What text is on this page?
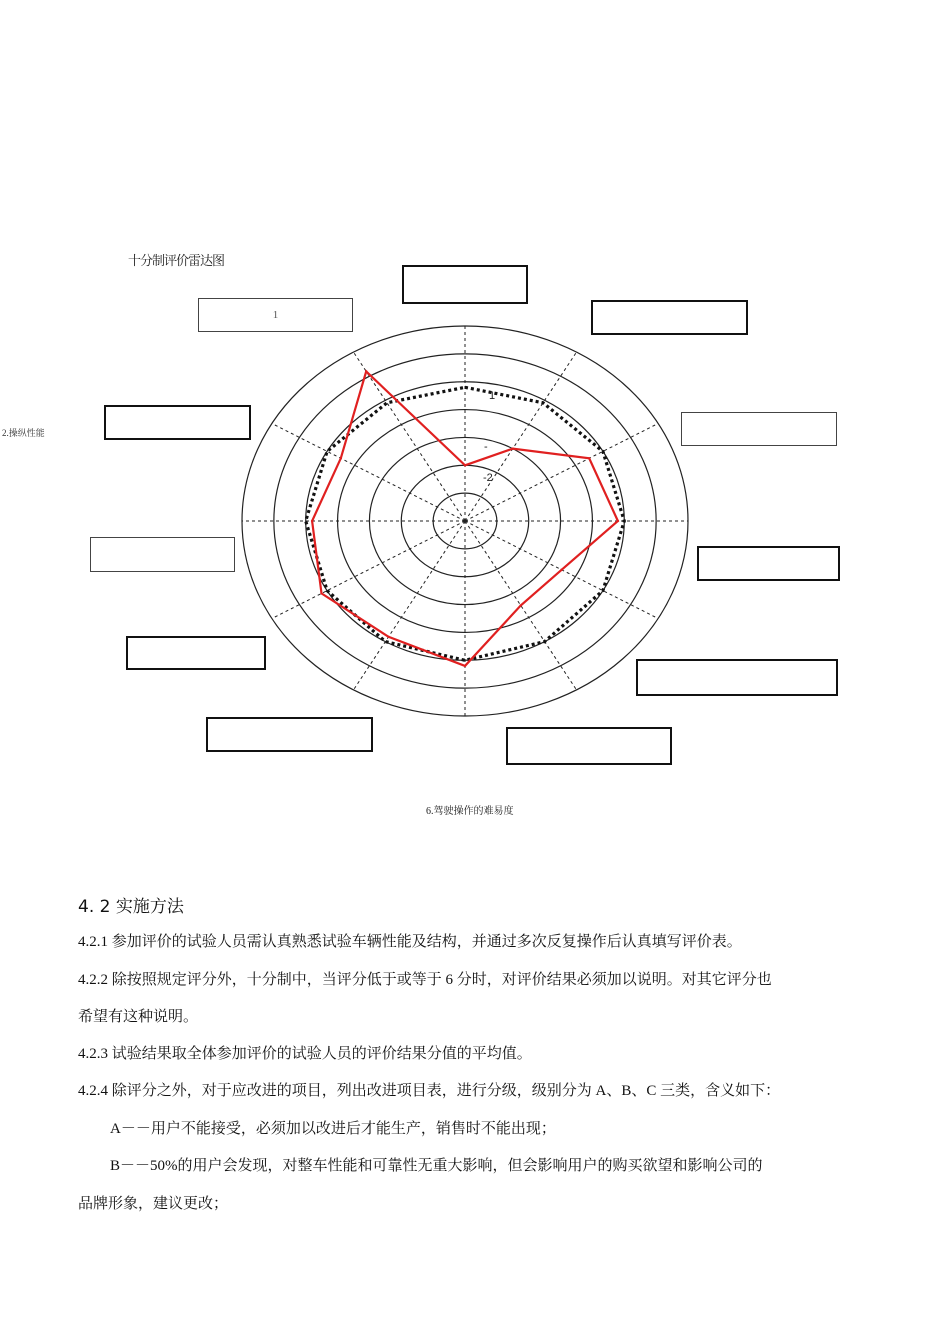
十分制评价雷达图
2.操纵性能
1
-
-2
1
6.驾驶操作的难易度
4. 2 实施方法
4.2.1 参加评价的试验人员需认真熟悉试验车辆性能及结构，并通过多次反复操作后认真填写评价表。
4.2.2 除按照规定评分外，十分制中，当评分低于或等于 6 分时，对评价结果必须加以说明。对其它评分也
希望有这种说明。
4.2.3 试验结果取全体参加评价的试验人员的评价结果分值的平均值。
4.2.4 除评分之外，对于应改进的项目，列出改进项目表，进行分级，级别分为 A、B、C 三类，含义如下：
A－－用户不能接受，必须加以改进后才能生产，销售时不能出现；
B－－50%的用户会发现，对整车性能和可靠性无重大影响，但会影响用户的购买欲望和影响公司的
品牌形象，建议更改；
